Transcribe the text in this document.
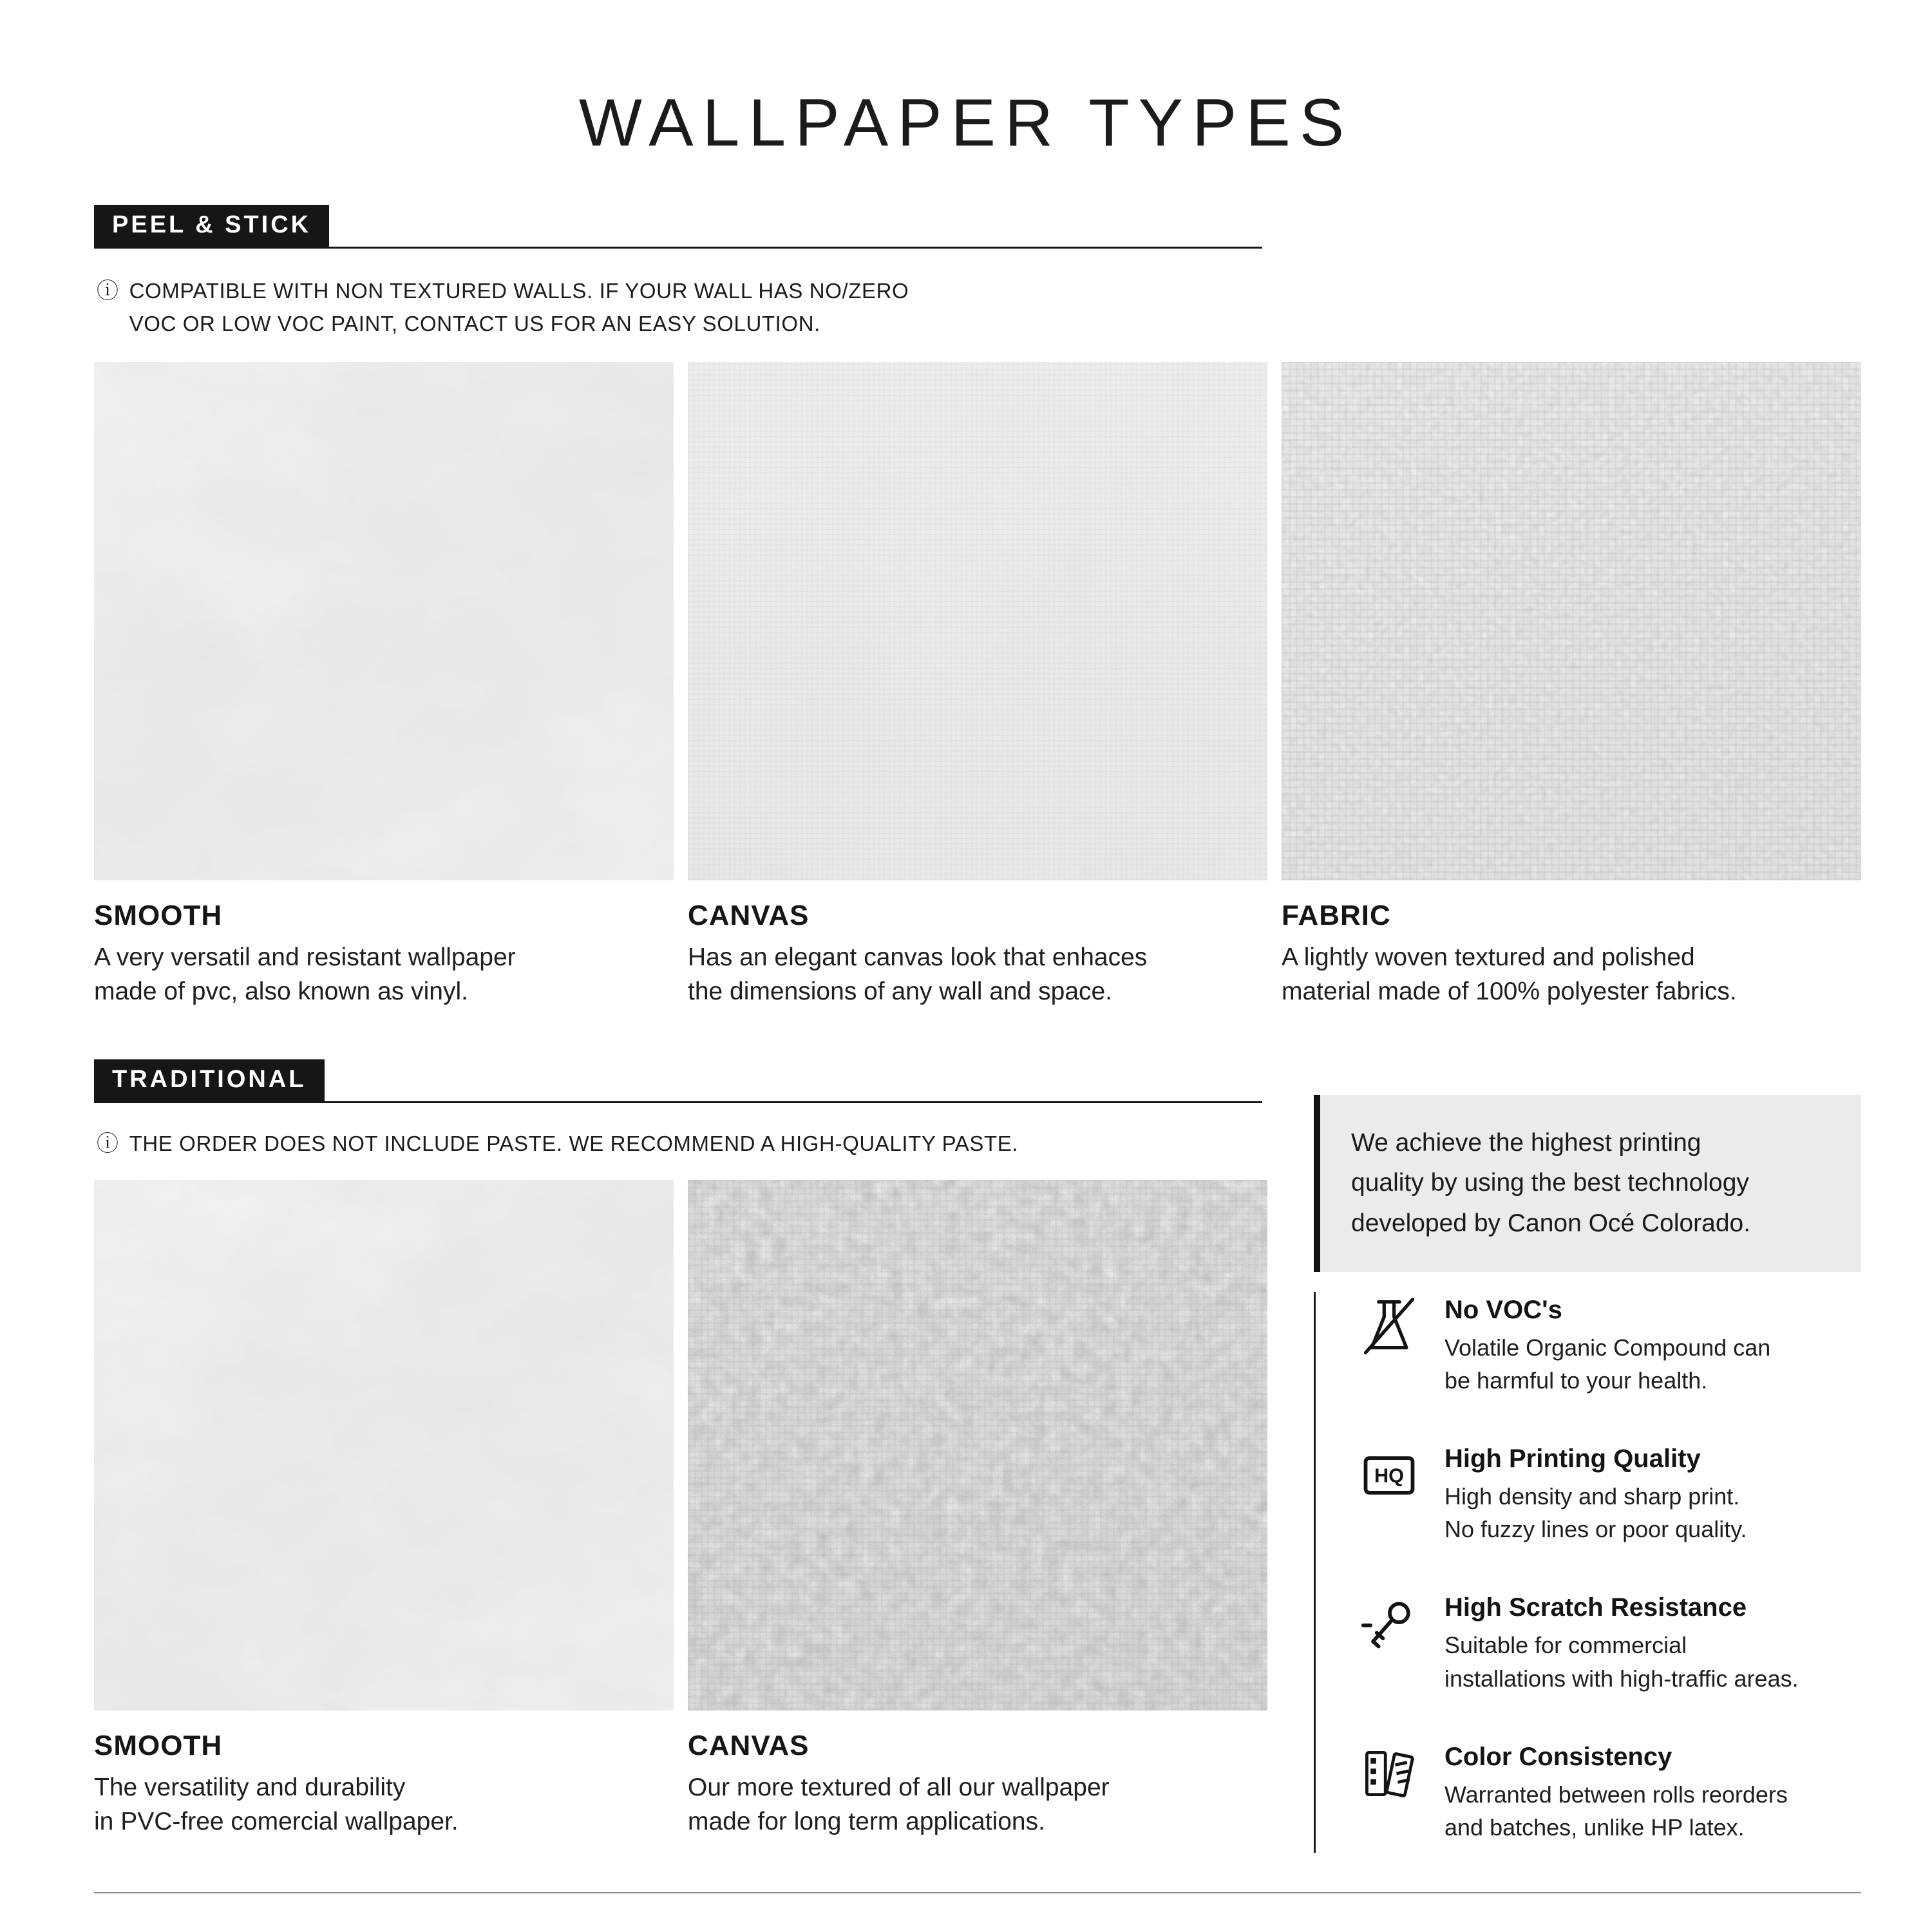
WALLPAPER TYPES
PEEL & STICK
ⓘ COMPATIBLE WITH NON TEXTURED WALLS. IF YOUR WALL HAS NO/ZERO
VOC OR LOW VOC PAINT, CONTACT US FOR AN EASY SOLUTION.
SMOOTH
A very versatil and resistant wallpaper
made of pvc, also known as vinyl.
CANVAS
Has an elegant canvas look that enhaces
the dimensions of any wall and space.
FABRIC
A lightly woven textured and polished
material made of 100% polyester fabrics.
TRADITIONAL
ⓘ THE ORDER DOES NOT INCLUDE PASTE. WE RECOMMEND A HIGH-QUALITY PASTE.
SMOOTH
The versatility and durability
in PVC-free comercial wallpaper.
CANVAS
Our more textured of all our wallpaper
made for long term applications.
We achieve the highest printing
quality by using the best technology
developed by Canon Océ Colorado.
No VOC's
Volatile Organic Compound can
be harmful to your health.
HQ
High Printing Quality
High density and sharp print.
No fuzzy lines or poor quality.
High Scratch Resistance
Suitable for commercial
installations with high-traffic areas.
Color Consistency
Warranted between rolls reorders
and batches, unlike HP latex.
